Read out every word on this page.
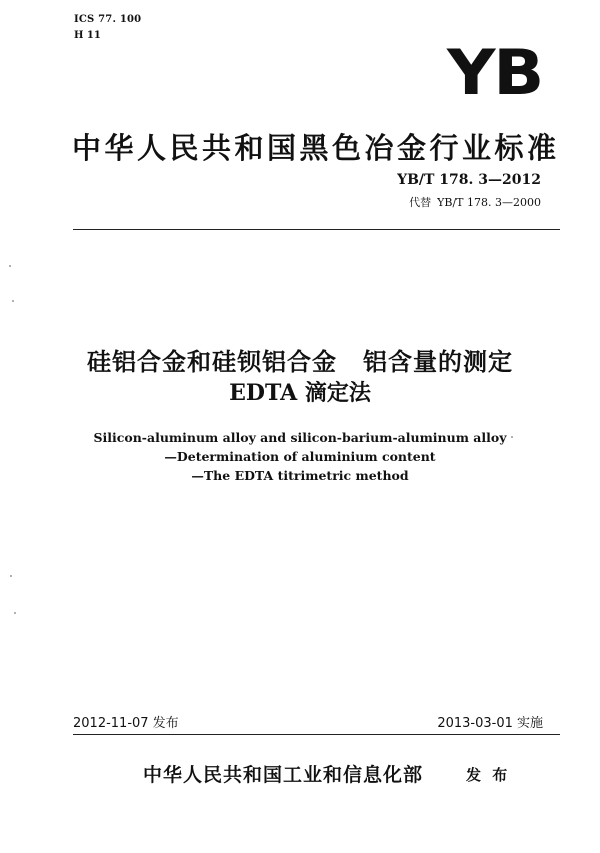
ICS 77. 100
H 11
YB
中华人民共和国黑色冶金行业标准
YB/T 178. 3—2012
代替 YB/T 178. 3—2000
硅铝合金和硅钡铝合金 铝含量的测定
EDTA 滴定法
Silicon-aluminum alloy and silicon-barium-aluminum alloy
—Determination of aluminium content
—The EDTA titrimetric method
2012-11-07 发布	2013-03-01 实施
中华人民共和国工业和信息化部	发 布
